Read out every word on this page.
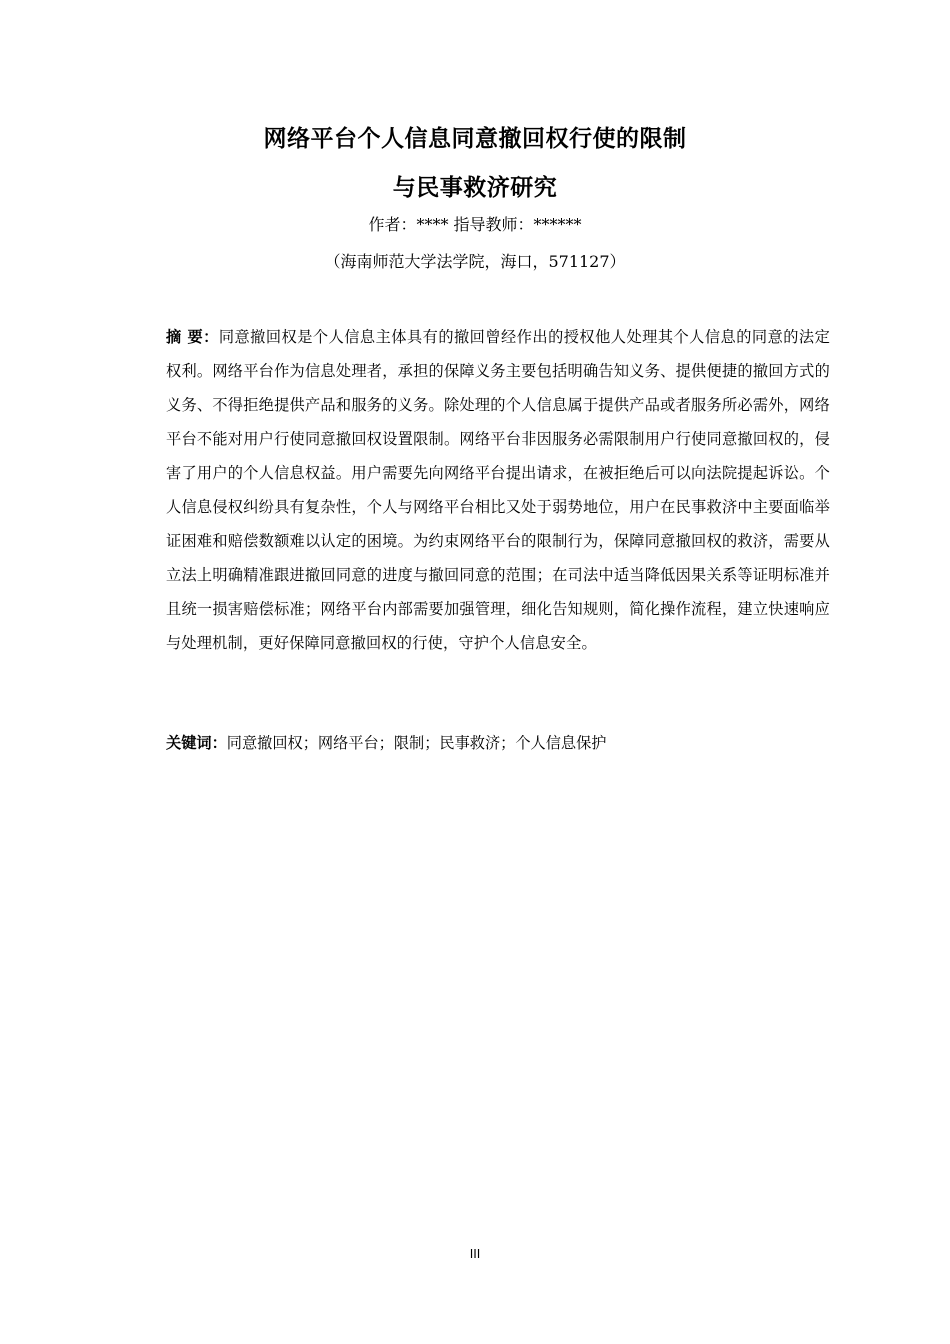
网络平台个人信息同意撤回权行使的限制
与民事救济研究
作者：**** 指导教师：******
（海南师范大学法学院，海口，571127）
摘 要：同意撤回权是个人信息主体具有的撤回曾经作出的授权他人处理其个人信息的同意的法定权利。网络平台作为信息处理者，承担的保障义务主要包括明确告知义务、提供便捷的撤回方式的义务、不得拒绝提供产品和服务的义务。除处理的个人信息属于提供产品或者服务所必需外，网络平台不能对用户行使同意撤回权设置限制。网络平台非因服务必需限制用户行使同意撤回权的，侵害了用户的个人信息权益。用户需要先向网络平台提出请求，在被拒绝后可以向法院提起诉讼。个人信息侵权纠纷具有复杂性，个人与网络平台相比又处于弱势地位，用户在民事救济中主要面临举证困难和赔偿数额难以认定的困境。为约束网络平台的限制行为，保障同意撤回权的救济，需要从立法上明确精准跟进撤回同意的进度与撤回同意的范围；在司法中适当降低因果关系等证明标准并且统一损害赔偿标准；网络平台内部需要加强管理，细化告知规则，简化操作流程，建立快速响应与处理机制，更好保障同意撤回权的行使，守护个人信息安全。
关键词：同意撤回权；网络平台；限制；民事救济；个人信息保护
III
